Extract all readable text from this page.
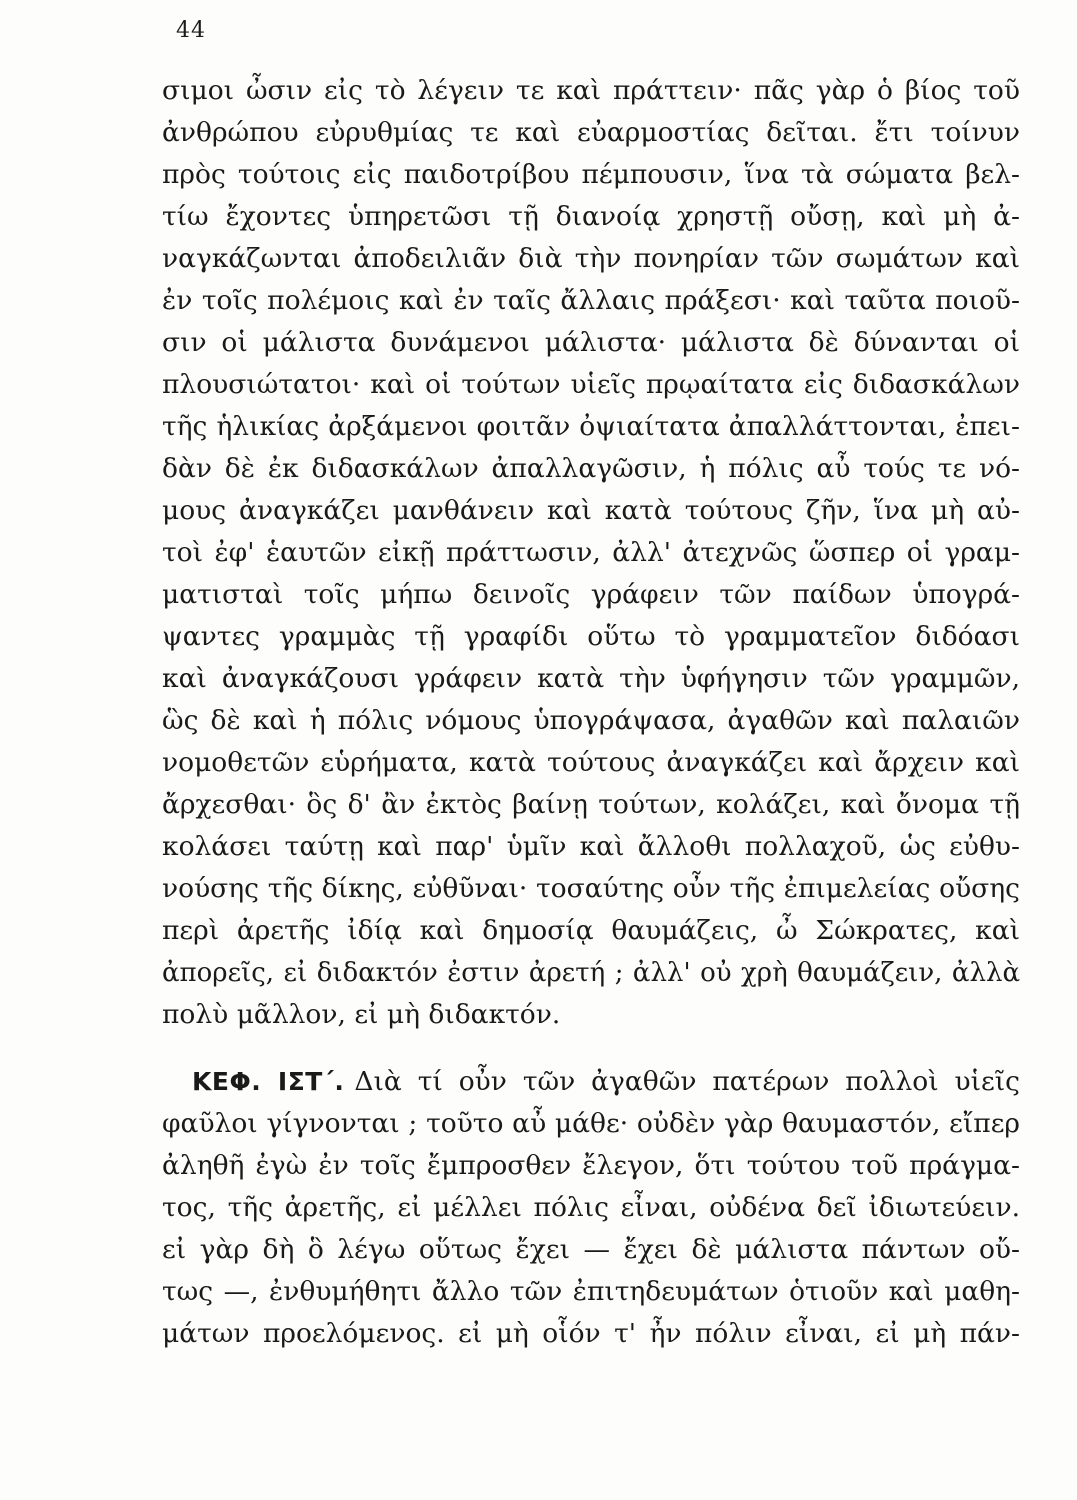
44
σιμοι ὦσιν εἰς τὸ λέγειν τε καὶ πράττειν· πᾶς γὰρ ὁ βίος τοῦ
ἀνθρώπου εὐρυθμίας τε καὶ εὐαρμοστίας δεῖται. ἔτι τοίνυν
πρὸς τούτοις εἰς παιδοτρίβου πέμπουσιν, ἵνα τὰ σώματα βελ-
τίω ἔχοντες ὑπηρετῶσι τῇ διανοίᾳ χρηστῇ οὔσῃ, καὶ μὴ ἀ-
ναγκάζωνται ἀποδειλιᾶν διὰ τὴν πονηρίαν τῶν σωμάτων καὶ
ἐν τοῖς πολέμοις καὶ ἐν ταῖς ἄλλαις πράξεσι· καὶ ταῦτα ποιοῦ-
σιν οἱ μάλιστα δυνάμενοι μάλιστα· μάλιστα δὲ δύνανται οἱ
πλουσιώτατοι· καὶ οἱ τούτων υἱεῖς πρῳαίτατα εἰς διδασκάλων
τῆς ἡλικίας ἀρξάμενοι φοιτᾶν ὀψιαίτατα ἀπαλλάττονται, ἐπει-
δὰν δὲ ἐκ διδασκάλων ἀπαλλαγῶσιν, ἡ πόλις αὖ τούς τε νό-
μους ἀναγκάζει μανθάνειν καὶ κατὰ τούτους ζῆν, ἵνα μὴ αὐ-
τοὶ ἐφ' ἑαυτῶν εἰκῇ πράττωσιν, ἀλλ' ἀτεχνῶς ὥσπερ οἱ γραμ-
ματισταὶ τοῖς μήπω δεινοῖς γράφειν τῶν παίδων ὑπογρά-
ψαντες γραμμὰς τῇ γραφίδι οὕτω τὸ γραμματεῖον διδόασι
καὶ ἀναγκάζουσι γράφειν κατὰ τὴν ὑφήγησιν τῶν γραμμῶν,
ὣς δὲ καὶ ἡ πόλις νόμους ὑπογράψασα, ἀγαθῶν καὶ παλαιῶν
νομοθετῶν εὑρήματα, κατὰ τούτους ἀναγκάζει καὶ ἄρχειν καὶ
ἄρχεσθαι· ὃς δ' ἂν ἐκτὸς βαίνῃ τούτων, κολάζει, καὶ ὄνομα τῇ
κολάσει ταύτῃ καὶ παρ' ὑμῖν καὶ ἄλλοθι πολλαχοῦ, ὡς εὐθυ-
νούσης τῆς δίκης, εὐθῦναι· τοσαύτης οὖν τῆς ἐπιμελείας οὔσης
περὶ ἀρετῆς ἰδίᾳ καὶ δημοσίᾳ θαυμάζεις, ὦ Σώκρατες, καὶ
ἀπορεῖς, εἰ διδακτόν ἐστιν ἀρετή ; ἀλλ' οὐ χρὴ θαυμάζειν, ἀλλὰ
πολὺ μᾶλλον, εἰ μὴ διδακτόν.
ΚΕΦ. ΙΣΤ΄. Διὰ τί οὖν τῶν ἀγαθῶν πατέρων πολλοὶ υἱεῖς
φαῦλοι γίγνονται ; τοῦτο αὖ μάθε· οὐδὲν γὰρ θαυμαστόν, εἴπερ
ἀληθῆ ἐγὼ ἐν τοῖς ἔμπροσθεν ἔλεγον, ὅτι τούτου τοῦ πράγμα-
τος, τῆς ἀρετῆς, εἰ μέλλει πόλις εἶναι, οὐδένα δεῖ ἰδιωτεύειν.
εἰ γὰρ δὴ ὃ λέγω οὕτως ἔχει — ἔχει δὲ μάλιστα πάντων οὔ-
τως —, ἐνθυμήθητι ἄλλο τῶν ἐπιτηδευμάτων ὁτιοῦν καὶ μαθη-
μάτων προελόμενος. εἰ μὴ οἷόν τ' ἦν πόλιν εἶναι, εἰ μὴ πάν-
